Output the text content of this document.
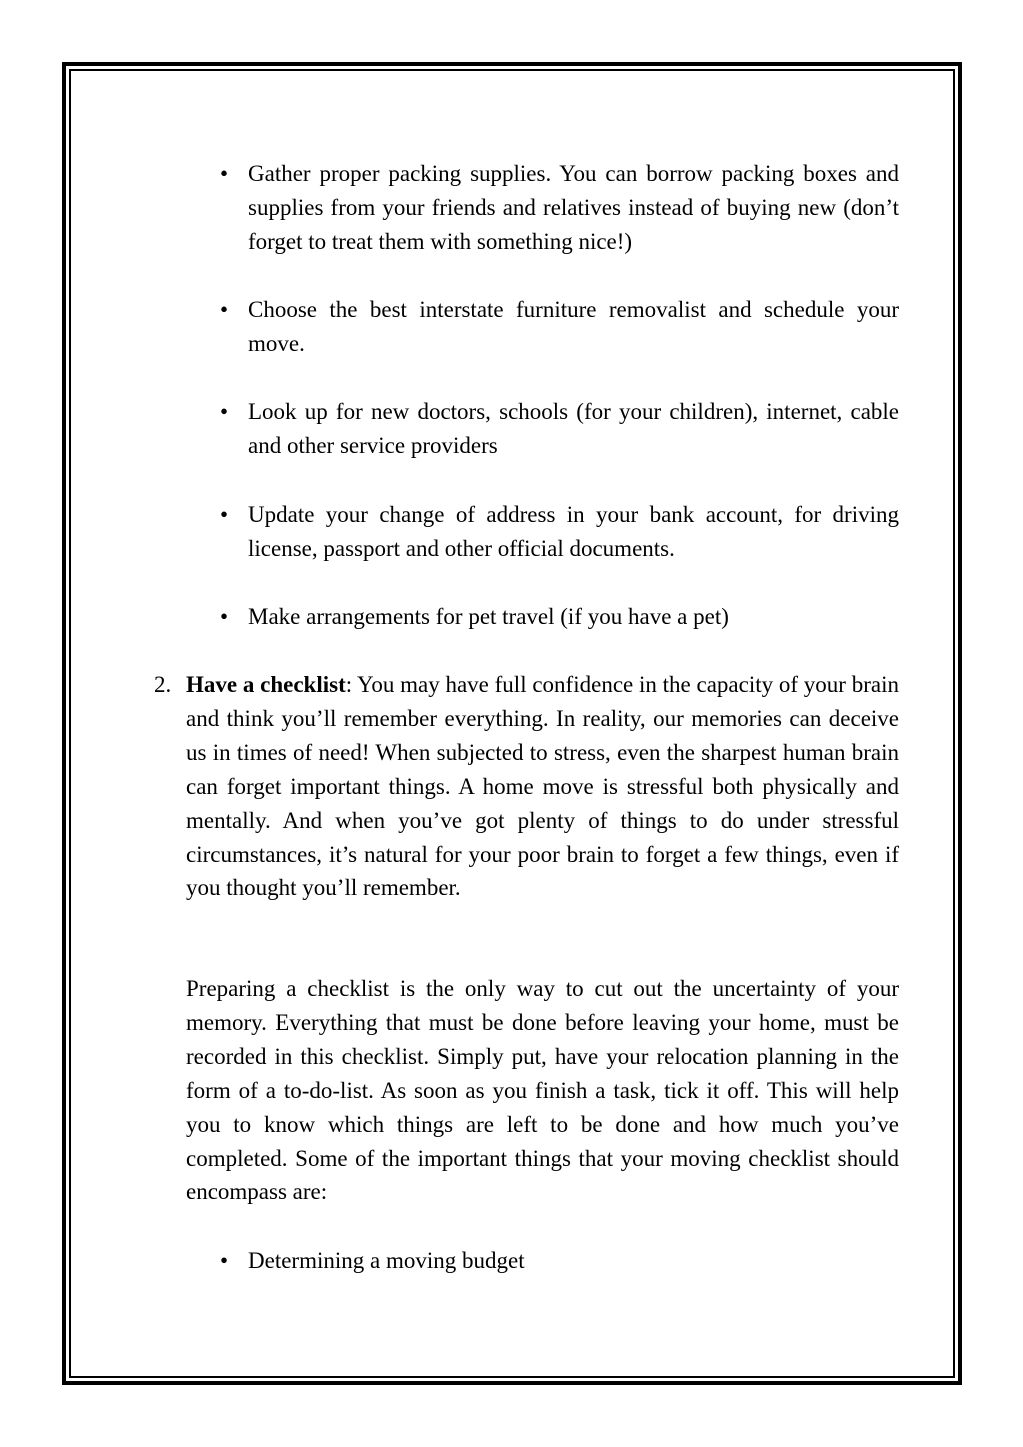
• Gather proper packing supplies. You can borrow packing boxes and supplies from your friends and relatives instead of buying new (don’t forget to treat them with something nice!)
• Choose the best interstate furniture removalist and schedule your move.
• Look up for new doctors, schools (for your children), internet, cable and other service providers
• Update your change of address in your bank account, for driving license, passport and other official documents.
• Make arrangements for pet travel (if you have a pet)
2. Have a checklist: You may have full confidence in the capacity of your brain and think you’ll remember everything. In reality, our memories can deceive us in times of need! When subjected to stress, even the sharpest human brain can forget important things. A home move is stressful both physically and mentally. And when you’ve got plenty of things to do under stressful circumstances, it’s natural for your poor brain to forget a few things, even if you thought you’ll remember.
Preparing a checklist is the only way to cut out the uncertainty of your memory. Everything that must be done before leaving your home, must be recorded in this checklist. Simply put, have your relocation planning in the form of a to-do-list. As soon as you finish a task, tick it off. This will help you to know which things are left to be done and how much you’ve completed. Some of the important things that your moving checklist should encompass are:
• Determining a moving budget
